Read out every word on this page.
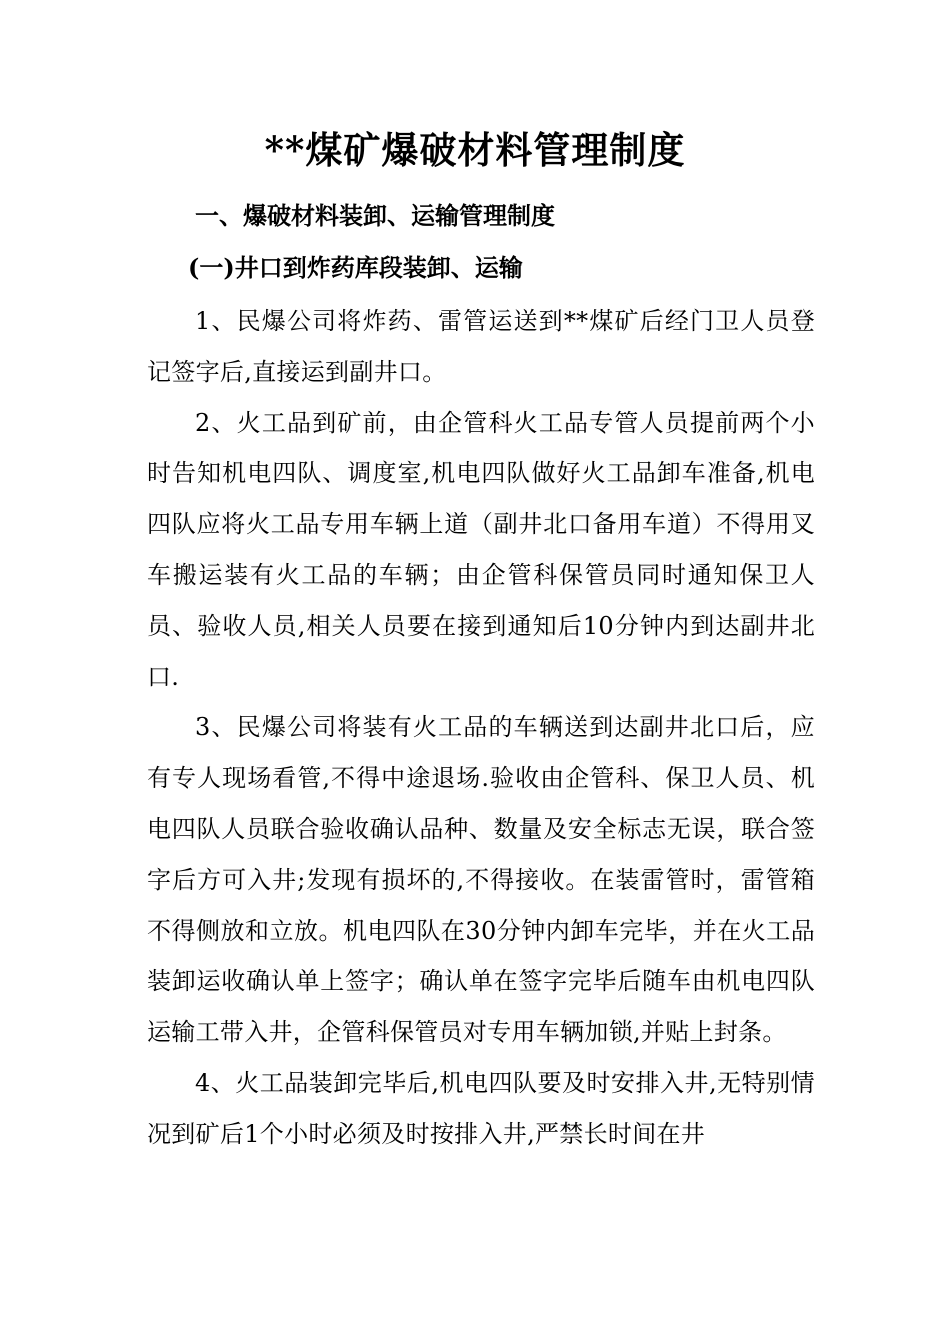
**煤矿爆破材料管理制度
一、爆破材料装卸、运输管理制度
(一)井口到炸药库段装卸、运输

1、民爆公司将炸药、雷管运送到**煤矿后经门卫人员登记签字后,直接运到副井口。

2、火工品到矿前，由企管科火工品专管人员提前两个小时告知机电四队、调度室,机电四队做好火工品卸车准备,机电四队应将火工品专用车辆上道（副井北口备用车道）不得用叉车搬运装有火工品的车辆；由企管科保管员同时通知保卫人员、验收人员,相关人员要在接到通知后10分钟内到达副井北口.

3、民爆公司将装有火工品的车辆送到达副井北口后，应有专人现场看管,不得中途退场.验收由企管科、保卫人员、机电四队人员联合验收确认品种、数量及安全标志无误，联合签字后方可入井;发现有损坏的,不得接收。在装雷管时，雷管箱不得侧放和立放。机电四队在30分钟内卸车完毕，并在火工品装卸运收确认单上签字；确认单在签字完毕后随车由机电四队运输工带入井，企管科保管员对专用车辆加锁,并贴上封条。

4、火工品装卸完毕后,机电四队要及时安排入井,无特别情况到矿后1个小时必须及时按排入井,严禁长时间在井
